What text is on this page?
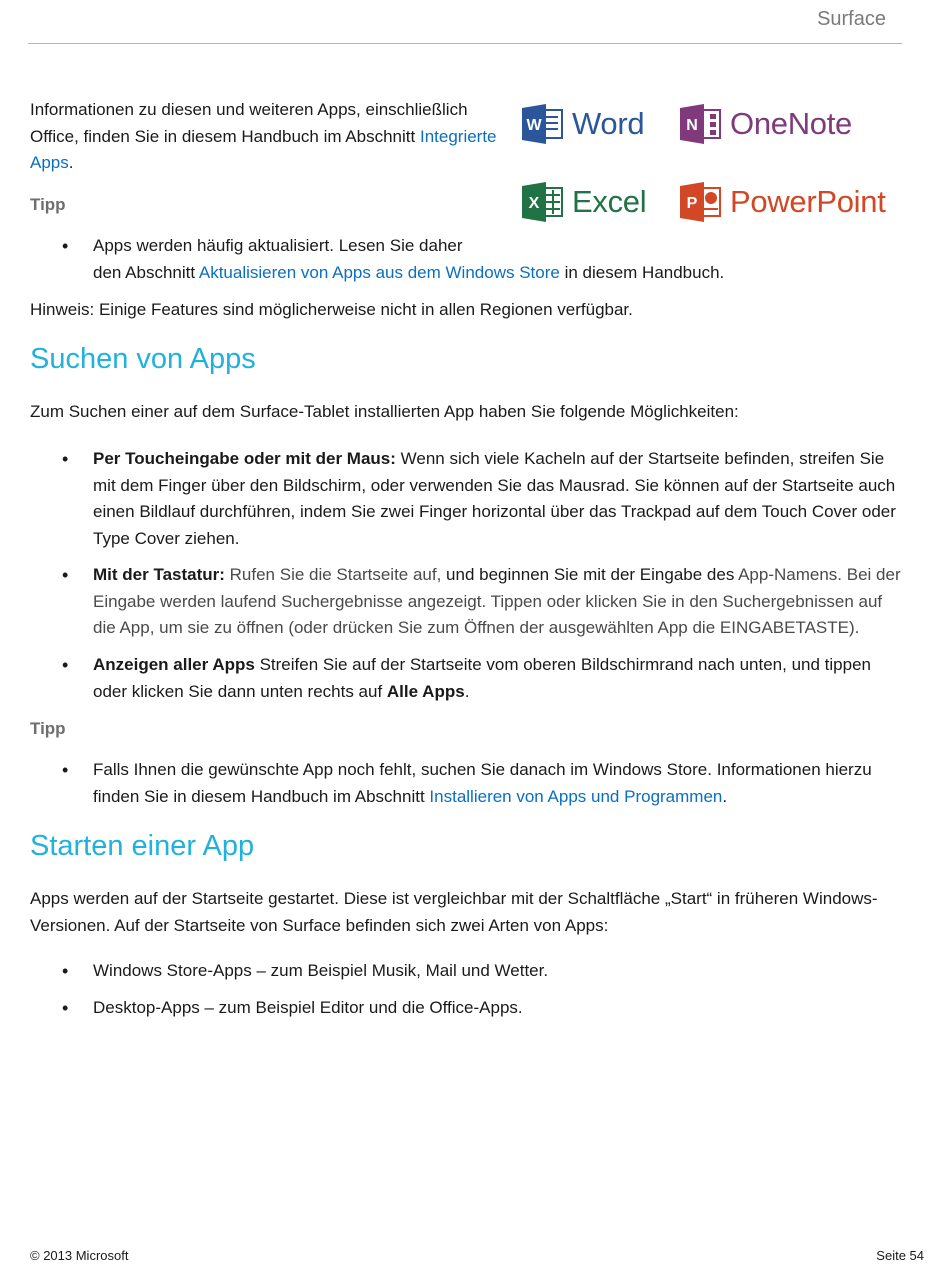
Surface

Informationen zu diesen und weiteren Apps, einschließlich Office, finden Sie in diesem Handbuch im Abschnitt Integrierte Apps.

W Word	N OneNote
X Excel	P PowerPoint
Tipp
• Apps werden häufig aktualisiert. Lesen Sie daher
den Abschnitt Aktualisieren von Apps aus dem Windows Store in diesem Handbuch.

Hinweis: Einige Features sind möglicherweise nicht in allen Regionen verfügbar.

Suchen von Apps

Zum Suchen einer auf dem Surface-Tablet installierten App haben Sie folgende Möglichkeiten:

• Per Toucheingabe oder mit der Maus: Wenn sich viele Kacheln auf der Startseite befinden, streifen Sie mit dem Finger über den Bildschirm, oder verwenden Sie das Mausrad. Sie können auf der Startseite auch einen Bildlauf durchführen, indem Sie zwei Finger horizontal über das Trackpad auf dem Touch Cover oder Type Cover ziehen.

• Mit der Tastatur: Rufen Sie die Startseite auf, und beginnen Sie mit der Eingabe des App-Namens. Bei der Eingabe werden laufend Suchergebnisse angezeigt. Tippen oder klicken Sie in den Suchergebnissen auf die App, um sie zu öffnen (oder drücken Sie zum Öffnen der ausgewählten App die EINGABETASTE).

• Anzeigen aller Apps Streifen Sie auf der Startseite vom oberen Bildschirmrand nach unten, und tippen oder klicken Sie dann unten rechts auf Alle Apps.

Tipp
• Falls Ihnen die gewünschte App noch fehlt, suchen Sie danach im Windows Store. Informationen hierzu finden Sie in diesem Handbuch im Abschnitt Installieren von Apps und Programmen.

Starten einer App

Apps werden auf der Startseite gestartet. Diese ist vergleichbar mit der Schaltfläche „Start“ in früheren Windows-Versionen. Auf der Startseite von Surface befinden sich zwei Arten von Apps:

• Windows Store-Apps – zum Beispiel Musik, Mail und Wetter.

• Desktop-Apps – zum Beispiel Editor und die Office-Apps.

© 2013 Microsoft	Seite 54
